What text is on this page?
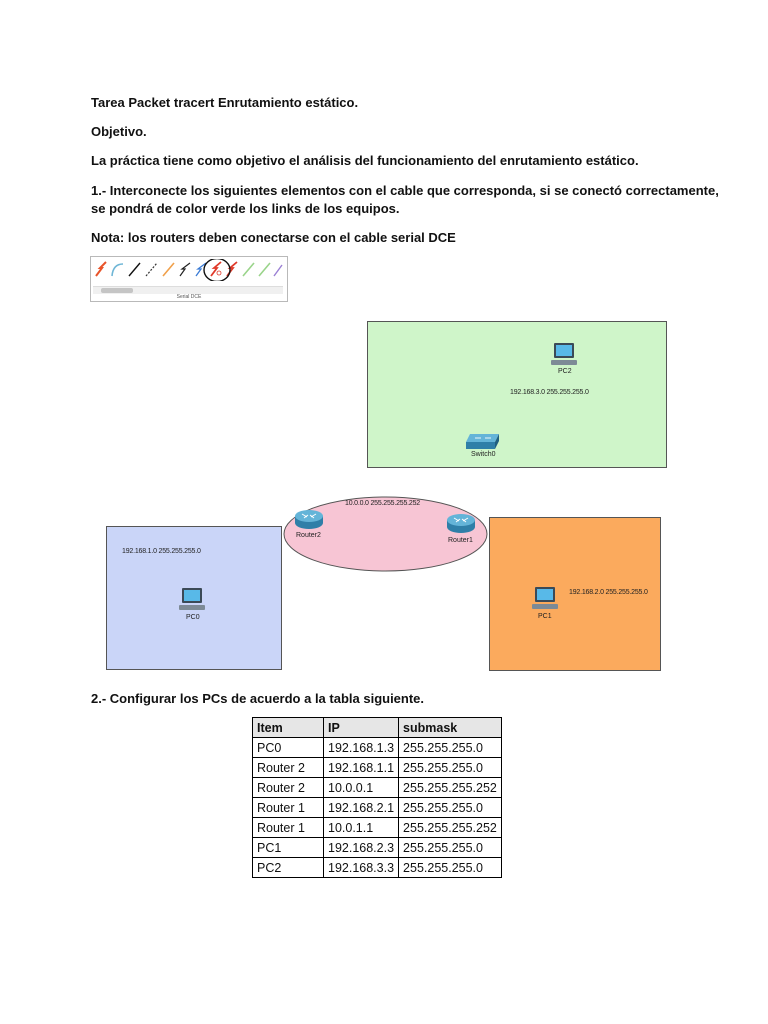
Tarea Packet tracert Enrutamiento estático.
Objetivo.
La práctica tiene como objetivo el análisis del funcionamiento del enrutamiento estático.
1.- Interconecte los siguientes elementos con el cable que corresponda, si se conectó correctamente,
se pondrá de color verde los links de los equipos.
Nota: los routers deben conectarse con el cable serial DCE
Serial DCE
192.168.3.0 255.255.255.0
192.168.1.0 255.255.255.0
192.168.2.0 255.255.255.0
10.0.0.0 255.255.255.252
PC2
Switch0
Router2
Router1
PC0	PC1
2.- Configurar los PCs de acuerdo a la tabla siguiente.
Item	IP	submask
PC0	192.168.1.3	255.255.255.0
Router 2	192.168.1.1	255.255.255.0
Router 2	10.0.0.1	255.255.255.252
Router 1	192.168.2.1	255.255.255.0
Router 1	10.0.1.1	255.255.255.252
PC1	192.168.2.3	255.255.255.0
PC2	192.168.3.3	255.255.255.0
